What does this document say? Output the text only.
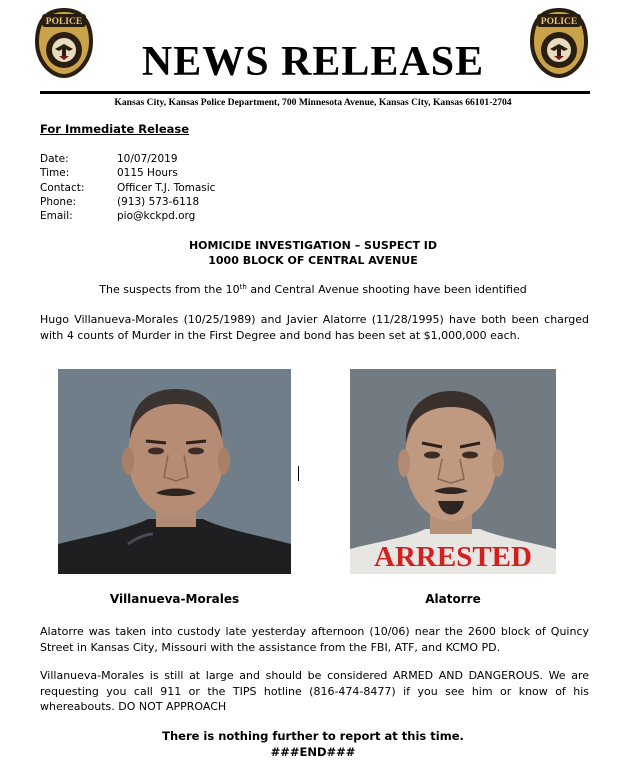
POLICE	POLICE
NEWS RELEASE
Kansas City, Kansas Police Department, 700 Minnesota Avenue, Kansas City, Kansas 66101-2704
For Immediate Release
Date:	10/07/2019
Time:	0115 Hours
Contact:	Officer T.J. Tomasic
Phone:	(913) 573-6118
Email:	pio@kckpd.org
HOMICIDE INVESTIGATION – SUSPECT ID
1000 BLOCK OF CENTRAL AVENUE
The suspects from the 10th and Central Avenue shooting have been identified
Hugo Villanueva-Morales (10/25/1989) and Javier Alatorre (11/28/1995) have both been charged with 4 counts of Murder in the First Degree and bond has been set at $1,000,000 each.
ARRESTED
Villanueva-Morales	Alatorre
Alatorre was taken into custody late yesterday afternoon (10/06) near the 2600 block of Quincy Street in Kansas City, Missouri with the assistance from the FBI, ATF, and KCMO PD.
Villanueva-Morales is still at large and should be considered ARMED AND DANGEROUS. We are requesting you call 911 or the TIPS hotline (816-474-8477) if you see him or know of his whereabouts. DO NOT APPROACH
There is nothing further to report at this time.
###END###
